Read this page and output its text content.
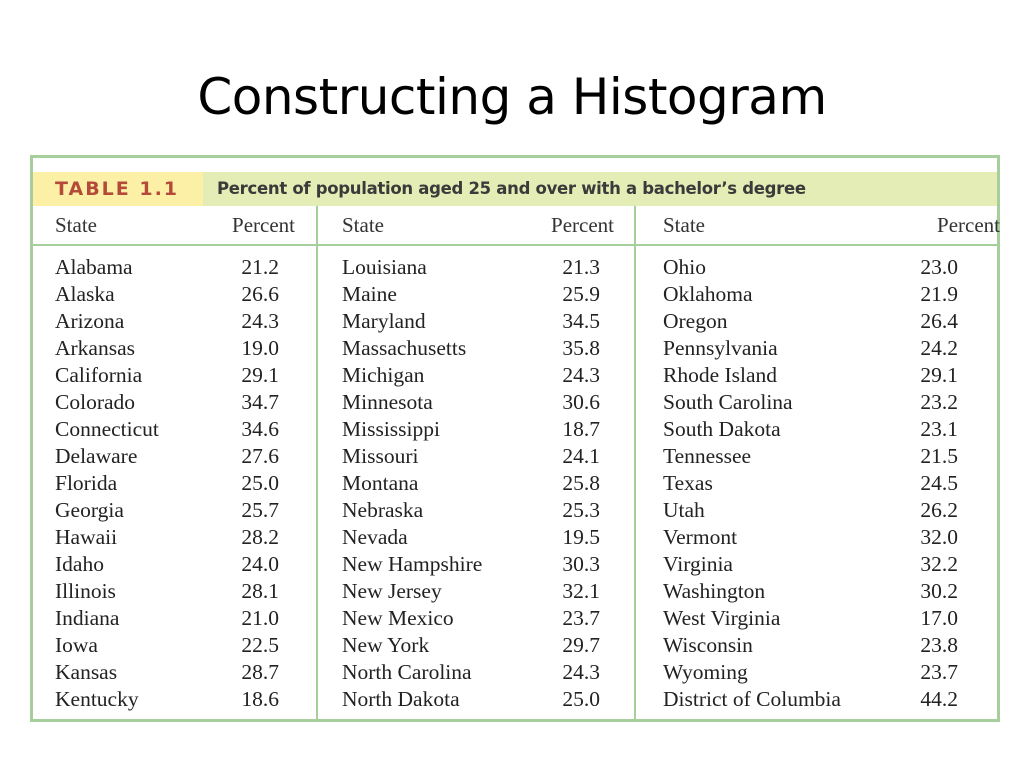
Constructing a Histogram
TABLE 1.1 Percent of population aged 25 and over with a bachelor’s degree
State	Percent
Alabama	21.2
Alaska	26.6
Arizona	24.3
Arkansas	19.0
California	29.1
Colorado	34.7
Connecticut	34.6
Delaware	27.6
Florida	25.0
Georgia	25.7
Hawaii	28.2
Idaho	24.0
Illinois	28.1
Indiana	21.0
Iowa	22.5
Kansas	28.7
Kentucky	18.6
State	Percent
Louisiana	21.3
Maine	25.9
Maryland	34.5
Massachusetts	35.8
Michigan	24.3
Minnesota	30.6
Mississippi	18.7
Missouri	24.1
Montana	25.8
Nebraska	25.3
Nevada	19.5
New Hampshire	30.3
New Jersey	32.1
New Mexico	23.7
New York	29.7
North Carolina	24.3
North Dakota	25.0
State	Percent
Ohio	23.0
Oklahoma	21.9
Oregon	26.4
Pennsylvania	24.2
Rhode Island	29.1
South Carolina	23.2
South Dakota	23.1
Tennessee	21.5
Texas	24.5
Utah	26.2
Vermont	32.0
Virginia	32.2
Washington	30.2
West Virginia	17.0
Wisconsin	23.8
Wyoming	23.7
District of Columbia	44.2
